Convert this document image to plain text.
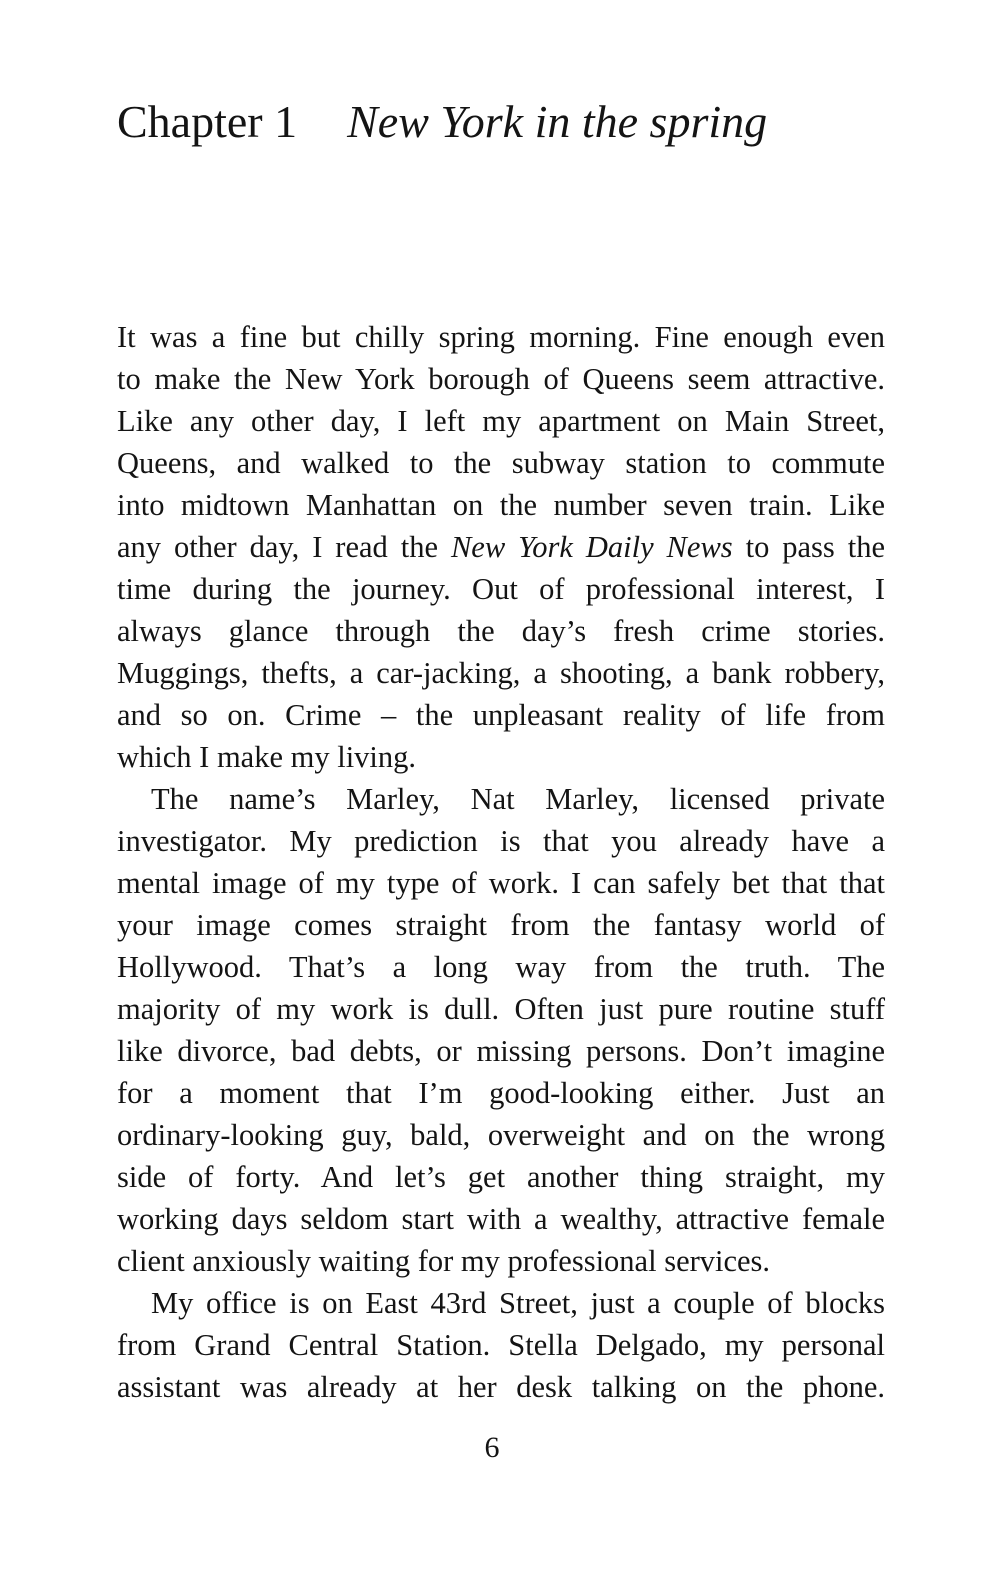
Chapter 1 New York in the spring

It was a fine but chilly spring morning. Fine enough even
to make the New York borough of Queens seem attractive.
Like any other day, I left my apartment on Main Street,
Queens, and walked to the subway station to commute
into midtown Manhattan on the number seven train. Like
any other day, I read the New York Daily News to pass the
time during the journey. Out of professional interest, I
always glance through the day’s fresh crime stories.
Muggings, thefts, a car-jacking, a shooting, a bank robbery,
and so on. Crime – the unpleasant reality of life from
which I make my living.

The name’s Marley, Nat Marley, licensed private
investigator. My prediction is that you already have a
mental image of my type of work. I can safely bet that that
your image comes straight from the fantasy world of
Hollywood. That’s a long way from the truth. The
majority of my work is dull. Often just pure routine stuff
like divorce, bad debts, or missing persons. Don’t imagine
for a moment that I’m good-looking either. Just an
ordinary-looking guy, bald, overweight and on the wrong
side of forty. And let’s get another thing straight, my
working days seldom start with a wealthy, attractive female
client anxiously waiting for my professional services.

My office is on East 43rd Street, just a couple of blocks
from Grand Central Station. Stella Delgado, my personal
assistant was already at her desk talking on the phone.

6
